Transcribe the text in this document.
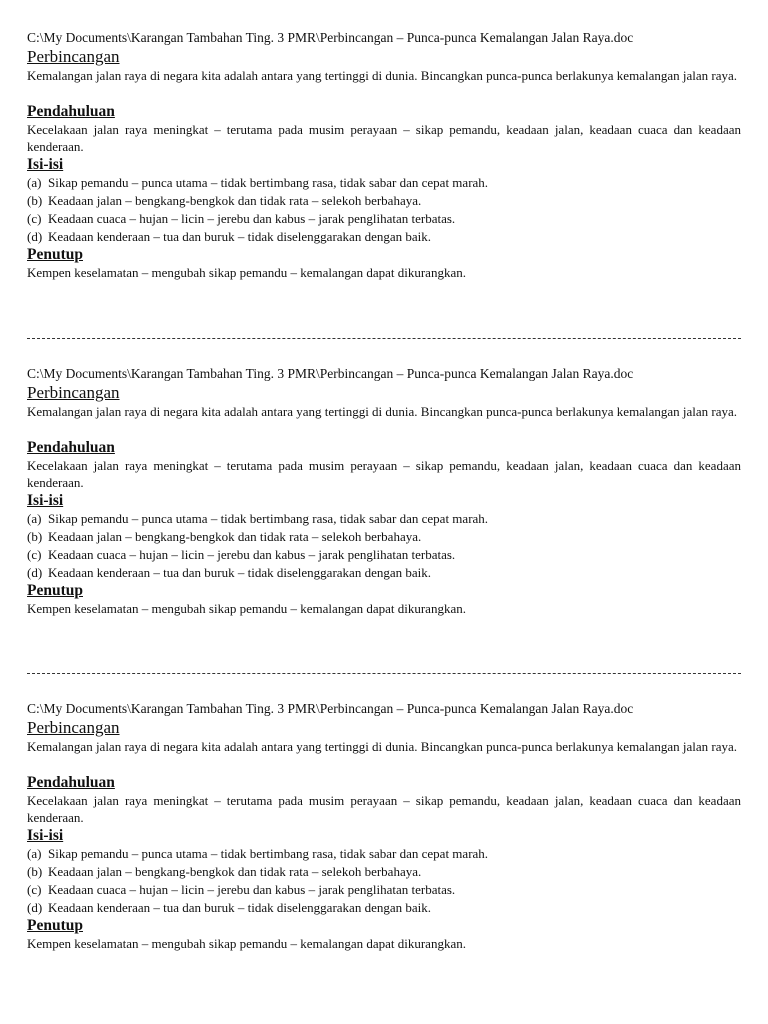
C:\My Documents\Karangan Tambahan Ting. 3 PMR\Perbincangan – Punca-punca Kemalangan Jalan Raya.doc
Perbincangan
Kemalangan jalan raya di negara kita adalah antara yang tertinggi di dunia. Bincangkan punca-punca berlakunya kemalangan jalan raya.
Pendahuluan
Kecelakaan jalan raya meningkat – terutama pada musim perayaan – sikap pemandu, keadaan jalan, keadaan cuaca dan keadaan kenderaan.
Isi-isi
(a) Sikap pemandu – punca utama – tidak bertimbang rasa, tidak sabar dan cepat marah.
(b) Keadaan jalan – bengkang-bengkok dan tidak rata – selekoh berbahaya.
(c) Keadaan cuaca – hujan – licin – jerebu dan kabus – jarak penglihatan terbatas.
(d) Keadaan kenderaan – tua dan buruk – tidak diselenggarakan dengan baik.
Penutup
Kempen keselamatan – mengubah sikap pemandu – kemalangan dapat dikurangkan.
C:\My Documents\Karangan Tambahan Ting. 3 PMR\Perbincangan – Punca-punca Kemalangan Jalan Raya.doc
Perbincangan
Kemalangan jalan raya di negara kita adalah antara yang tertinggi di dunia. Bincangkan punca-punca berlakunya kemalangan jalan raya.
Pendahuluan
Kecelakaan jalan raya meningkat – terutama pada musim perayaan – sikap pemandu, keadaan jalan, keadaan cuaca dan keadaan kenderaan.
Isi-isi
(a) Sikap pemandu – punca utama – tidak bertimbang rasa, tidak sabar dan cepat marah.
(b) Keadaan jalan – bengkang-bengkok dan tidak rata – selekoh berbahaya.
(c) Keadaan cuaca – hujan – licin – jerebu dan kabus – jarak penglihatan terbatas.
(d) Keadaan kenderaan – tua dan buruk – tidak diselenggarakan dengan baik.
Penutup
Kempen keselamatan – mengubah sikap pemandu – kemalangan dapat dikurangkan.
C:\My Documents\Karangan Tambahan Ting. 3 PMR\Perbincangan – Punca-punca Kemalangan Jalan Raya.doc
Perbincangan
Kemalangan jalan raya di negara kita adalah antara yang tertinggi di dunia. Bincangkan punca-punca berlakunya kemalangan jalan raya.
Pendahuluan
Kecelakaan jalan raya meningkat – terutama pada musim perayaan – sikap pemandu, keadaan jalan, keadaan cuaca dan keadaan kenderaan.
Isi-isi
(a) Sikap pemandu – punca utama – tidak bertimbang rasa, tidak sabar dan cepat marah.
(b) Keadaan jalan – bengkang-bengkok dan tidak rata – selekoh berbahaya.
(c) Keadaan cuaca – hujan – licin – jerebu dan kabus – jarak penglihatan terbatas.
(d) Keadaan kenderaan – tua dan buruk – tidak diselenggarakan dengan baik.
Penutup
Kempen keselamatan – mengubah sikap pemandu – kemalangan dapat dikurangkan.
